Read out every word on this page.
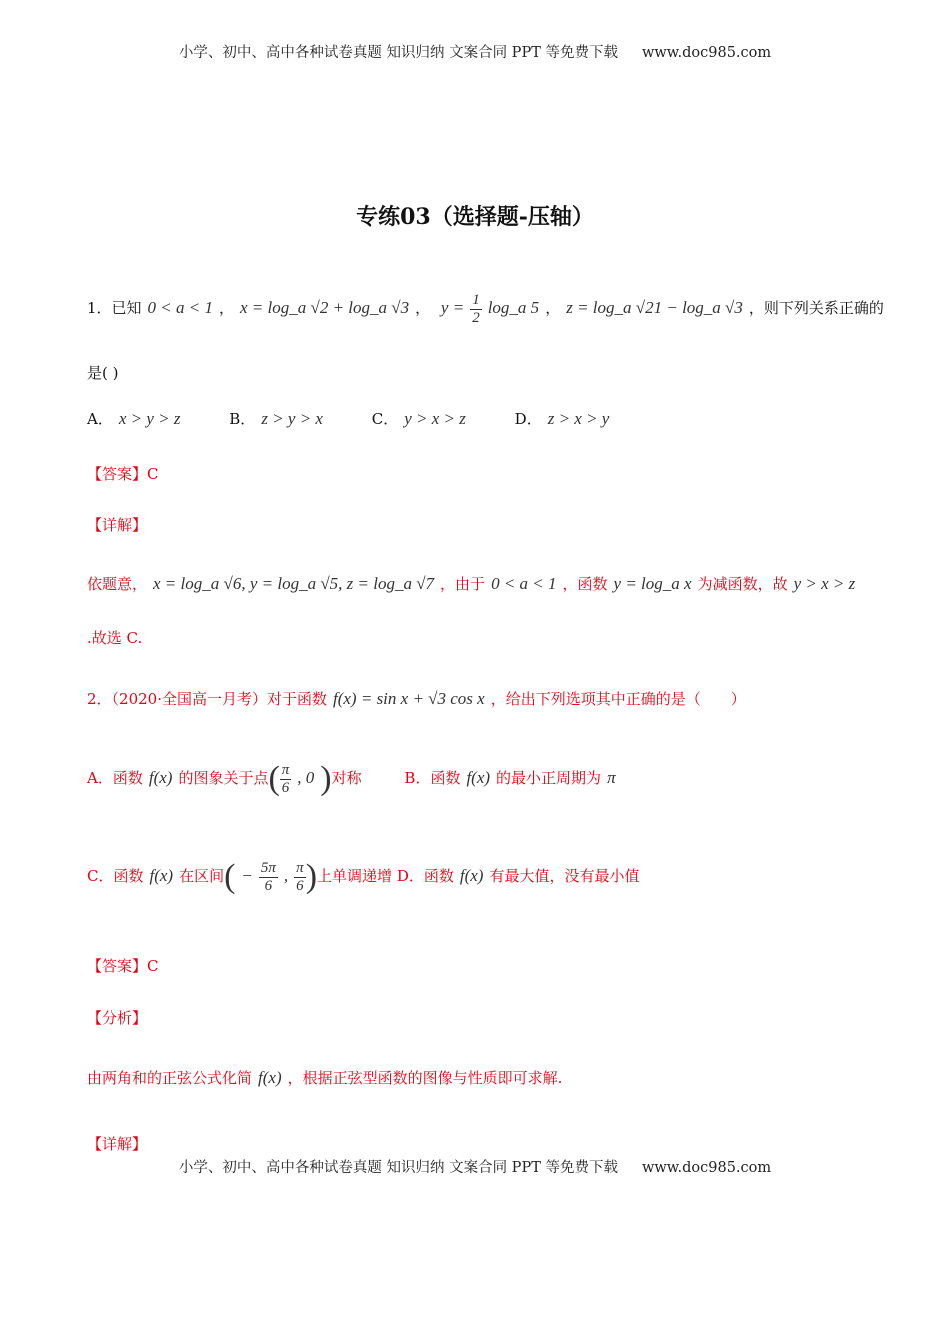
小学、初中、高中各种试卷真题 知识归纳 文案合同 PPT 等免费下载 www.doc985.com
专练03（选择题-压轴）
1．已知 0 < a < 1 ， x = log_a √2 + log_a √3 ， $y = \frac{1}{2}$ log_a 5 ， z = log_a √21 − log_a √3 ，则下列关系正确的
是( )
A． x > y > z	B． z > y > x	C． y > x > z	D． z > x > y
【答案】C
【详解】
依题意， x = log_a √6, y = log_a √5, z = log_a √7 ，由于 0 < a < 1 ，函数 y = log_a x 为减函数，故 y > x > z
.故选 C.
2．（2020·全国高一月考）对于函数 f(x) = sin x + √3 cos x ，给出下列选项其中正确的是（　　）
A．函数 f(x) 的图象关于点( $\frac{\pi}{6}$ , 0 )对称	B．函数 f(x) 的最小正周期为 π
C．函数 f(x) 在区间( − $\frac{5\pi}{6}$ , $\frac{\pi}{6}$ )上单调递增 D．函数 f(x) 有最大值，没有最小值
【答案】C
【分析】
由两角和的正弦公式化简 f(x) ，根据正弦型函数的图像与性质即可求解.
【详解】
小学、初中、高中各种试卷真题 知识归纳 文案合同 PPT 等免费下载 www.doc985.com
